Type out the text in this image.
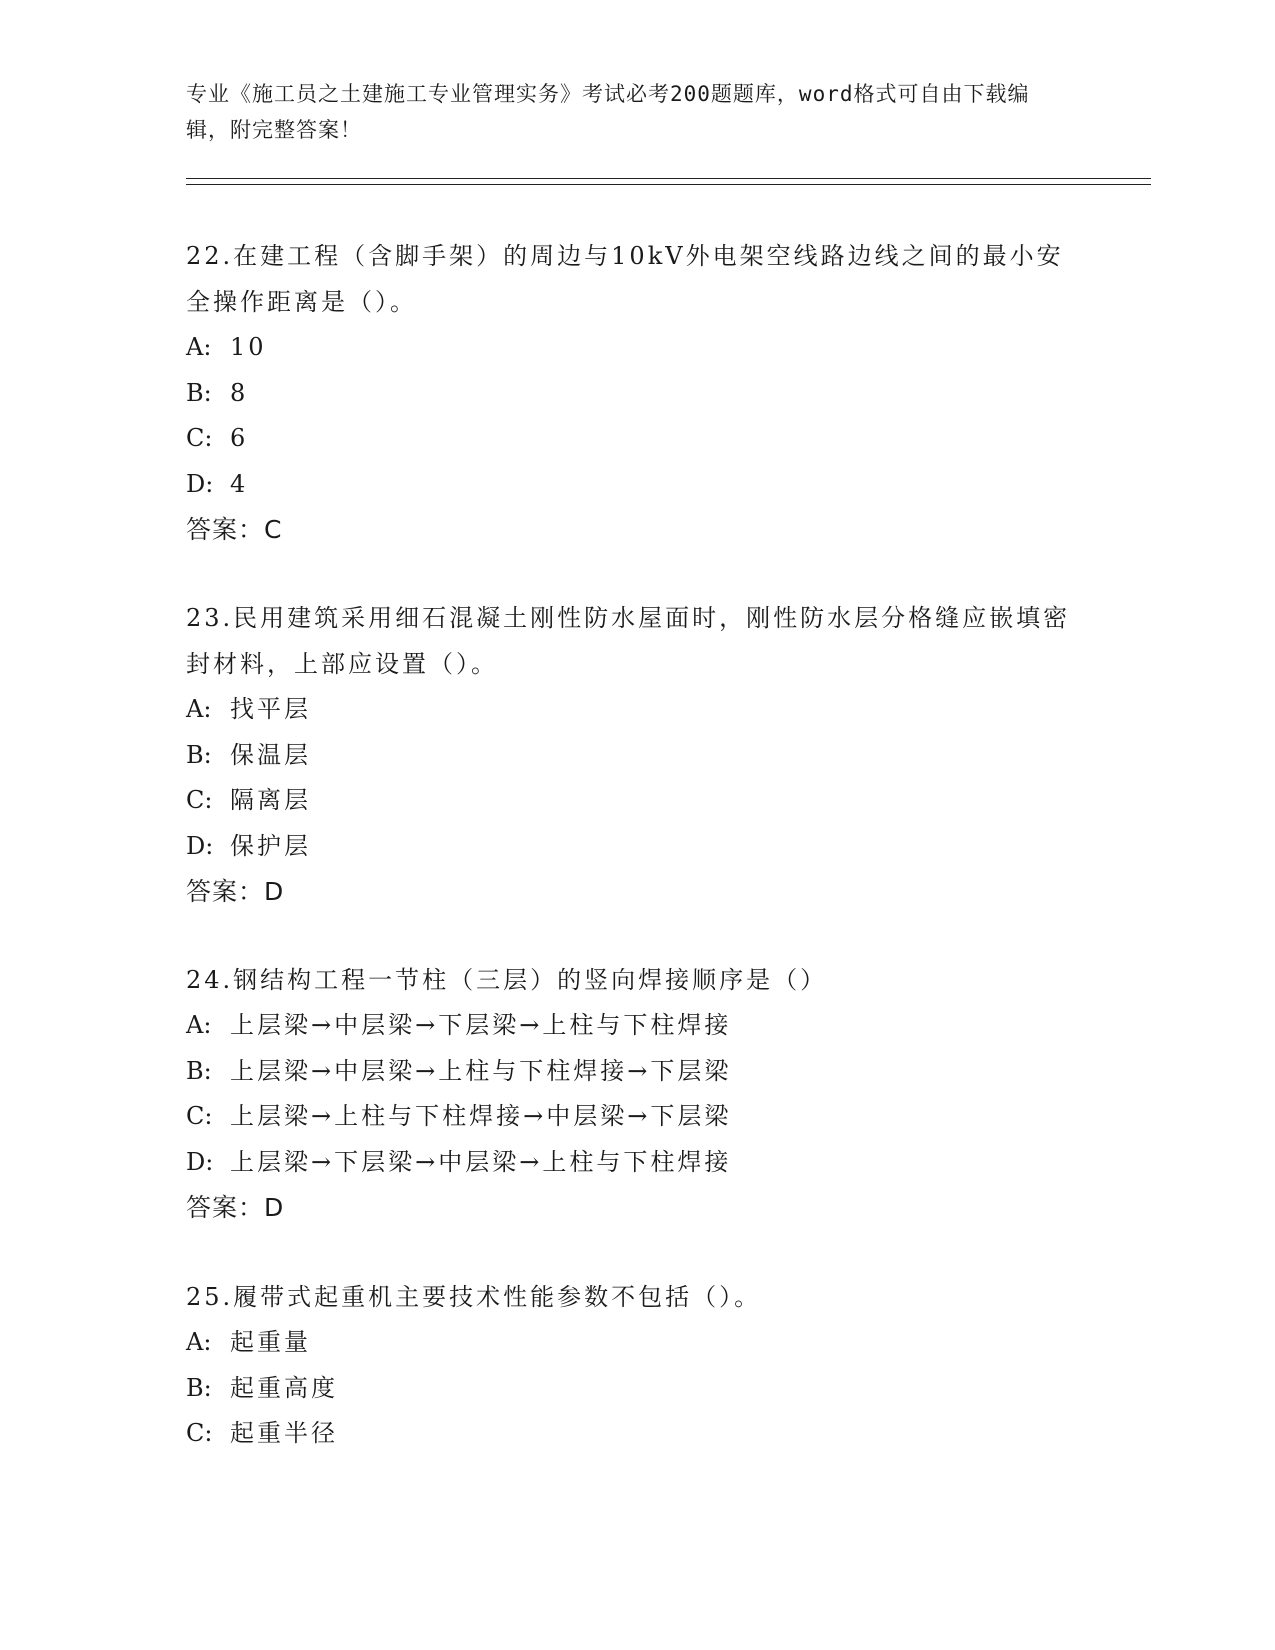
专业《施工员之土建施工专业管理实务》考试必考200题题库，word格式可自由下载编辑，附完整答案！

22.在建工程（含脚手架）的周边与10kV外电架空线路边线之间的最小安全操作距离是（）。

A: 10
B: 8
C: 6
D: 4
答案：C

23.民用建筑采用细石混凝土刚性防水屋面时，刚性防水层分格缝应嵌填密封材料，上部应设置（）。

A: 找平层
B: 保温层
C: 隔离层
D: 保护层
答案：D

24.钢结构工程一节柱（三层）的竖向焊接顺序是（）

A: 上层梁→中层梁→下层梁→上柱与下柱焊接
B: 上层梁→中层梁→上柱与下柱焊接→下层梁
C: 上层梁→上柱与下柱焊接→中层梁→下层梁
D: 上层梁→下层梁→中层梁→上柱与下柱焊接
答案：D

25.履带式起重机主要技术性能参数不包括（）。

A: 起重量
B: 起重高度
C: 起重半径
